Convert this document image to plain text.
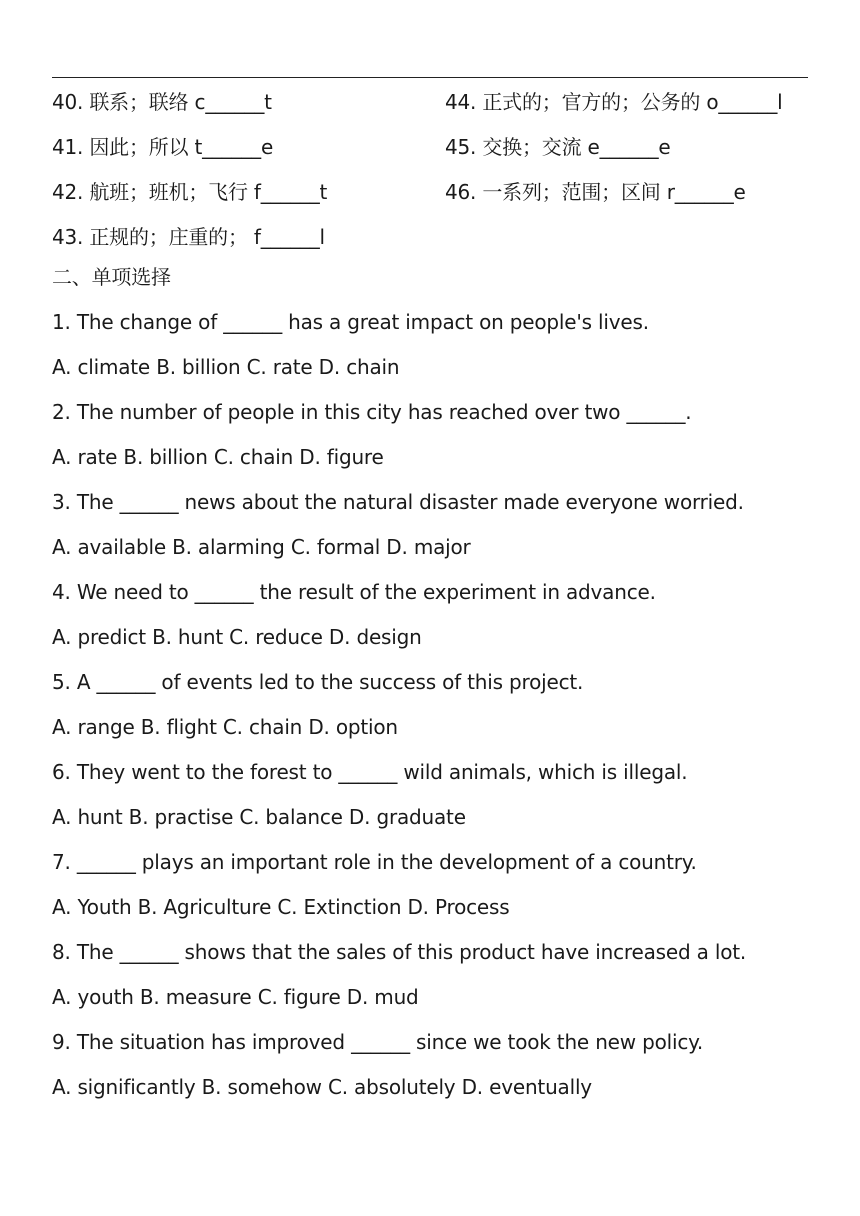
40. 联系；联络 c______t
41. 因此；所以 t______e
42. 航班；班机；飞行 f______t
43. 正规的；庄重的； f______l
44. 正式的；官方的；公务的 o______l
45. 交换；交流 e______e
46. 一系列；范围；区间 r______e
二、单项选择
1. The change of ______ has a great impact on people's lives.
A. climate B. billion C. rate D. chain
2. The number of people in this city has reached over two ______.
A. rate B. billion C. chain D. figure
3. The ______ news about the natural disaster made everyone worried.
A. available B. alarming C. formal D. major
4. We need to ______ the result of the experiment in advance.
A. predict B. hunt C. reduce D. design
5. A ______ of events led to the success of this project.
A. range B. flight C. chain D. option
6. They went to the forest to ______ wild animals, which is illegal.
A. hunt B. practise C. balance D. graduate
7. ______ plays an important role in the development of a country.
A. Youth B. Agriculture C. Extinction D. Process
8. The ______ shows that the sales of this product have increased a lot.
A. youth B. measure C. figure D. mud
9. The situation has improved ______ since we took the new policy.
A. significantly B. somehow C. absolutely D. eventually
